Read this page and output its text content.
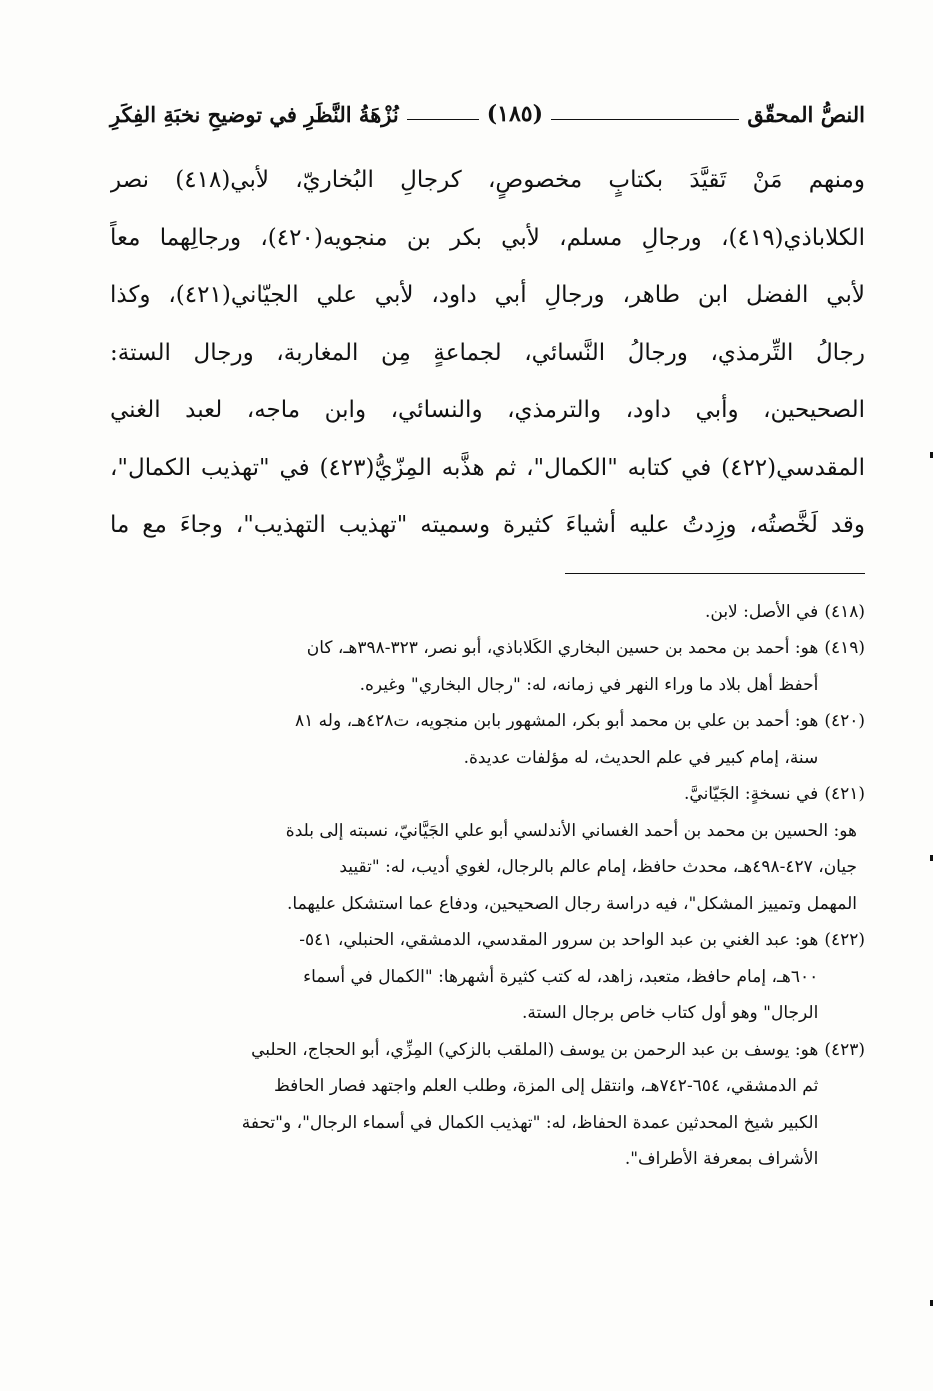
النصُّ المحقّق
(١٨٥)
نُزْهَةُ النَّظَرِ في توضيحِ نخبَةِ الفِكَرِ
ومنهم مَنْ تَقيَّدَ بكتابٍ مخصوصٍ، كرجالِ البُخاريّ، لأبي(٤١٨) نصر
الكلاباذي(٤١٩)، ورجالِ مسلم، لأبي بكر بن منجويه(٤٢٠)، ورجالِهما معاً
لأبي الفضل ابن طاهر، ورجالِ أبي داود، لأبي علي الجيّاني(٤٢١)، وكذا
رجالُ التِّرمذي، ورجالُ النَّسائي، لجماعةٍ مِن المغاربة، ورجال الستة:
الصحيحين، وأبي داود، والترمذي، والنسائي، وابن ماجه، لعبد الغني
المقدسي(٤٢٢) في كتابه "الكمال"، ثم هذَّبه المِزّيُّ(٤٢٣) في "تهذيب الكمال"،
وقد لَخَّصتُه، وزِدتُ عليه أشياءَ كثيرة وسميته "تهذيب التهذيب"، وجاءَ مع ما
(٤١٨)
في الأصل: لابن.
(٤١٩)
هو: أحمد بن محمد بن حسين البخاري الكَلاباذي، أبو نصر، ٣٢٣-٣٩٨هـ، كان
أحفظ أهل بلاد ما وراء النهر في زمانه، له: "رجال البخاري" وغيره.
(٤٢٠)
هو: أحمد بن علي بن محمد أبو بكر، المشهور بابن منجويه، ت٤٢٨هـ، وله ٨١
سنة، إمام كبير في علم الحديث، له مؤلفات عديدة.
(٤٢١)
في نسخةٍ: الجَيّانيَّ.
هو: الحسين بن محمد بن أحمد الغساني الأندلسي أبو علي الجَيَّانيّ، نسبته إلى بلدة
جيان، ٤٢٧-٤٩٨هـ، محدث حافظ، إمام عالم بالرجال، لغوي أديب، له: "تقييد
المهمل وتمييز المشكل"، فيه دراسة رجال الصحيحين، ودفاع عما استشكل عليهما.
(٤٢٢)
هو: عبد الغني بن عبد الواحد بن سرور المقدسي، الدمشقي، الحنبلي، ٥٤١-
٦٠٠هـ، إمام حافظ، متعبد، زاهد، له كتب كثيرة أشهرها: "الكمال في أسماء
الرجال" وهو أول كتاب خاص برجال الستة.
(٤٢٣)
هو: يوسف بن عبد الرحمن بن يوسف (الملقب بالزكي) المِزِّي، أبو الحجاج، الحلبي
ثم الدمشقي، ٦٥٤-٧٤٢هـ، وانتقل إلى المزة، وطلب العلم واجتهد فصار الحافظ
الكبير شيخ المحدثين عمدة الحفاظ، له: "تهذيب الكمال في أسماء الرجال"، و"تحفة
الأشراف بمعرفة الأطراف".
